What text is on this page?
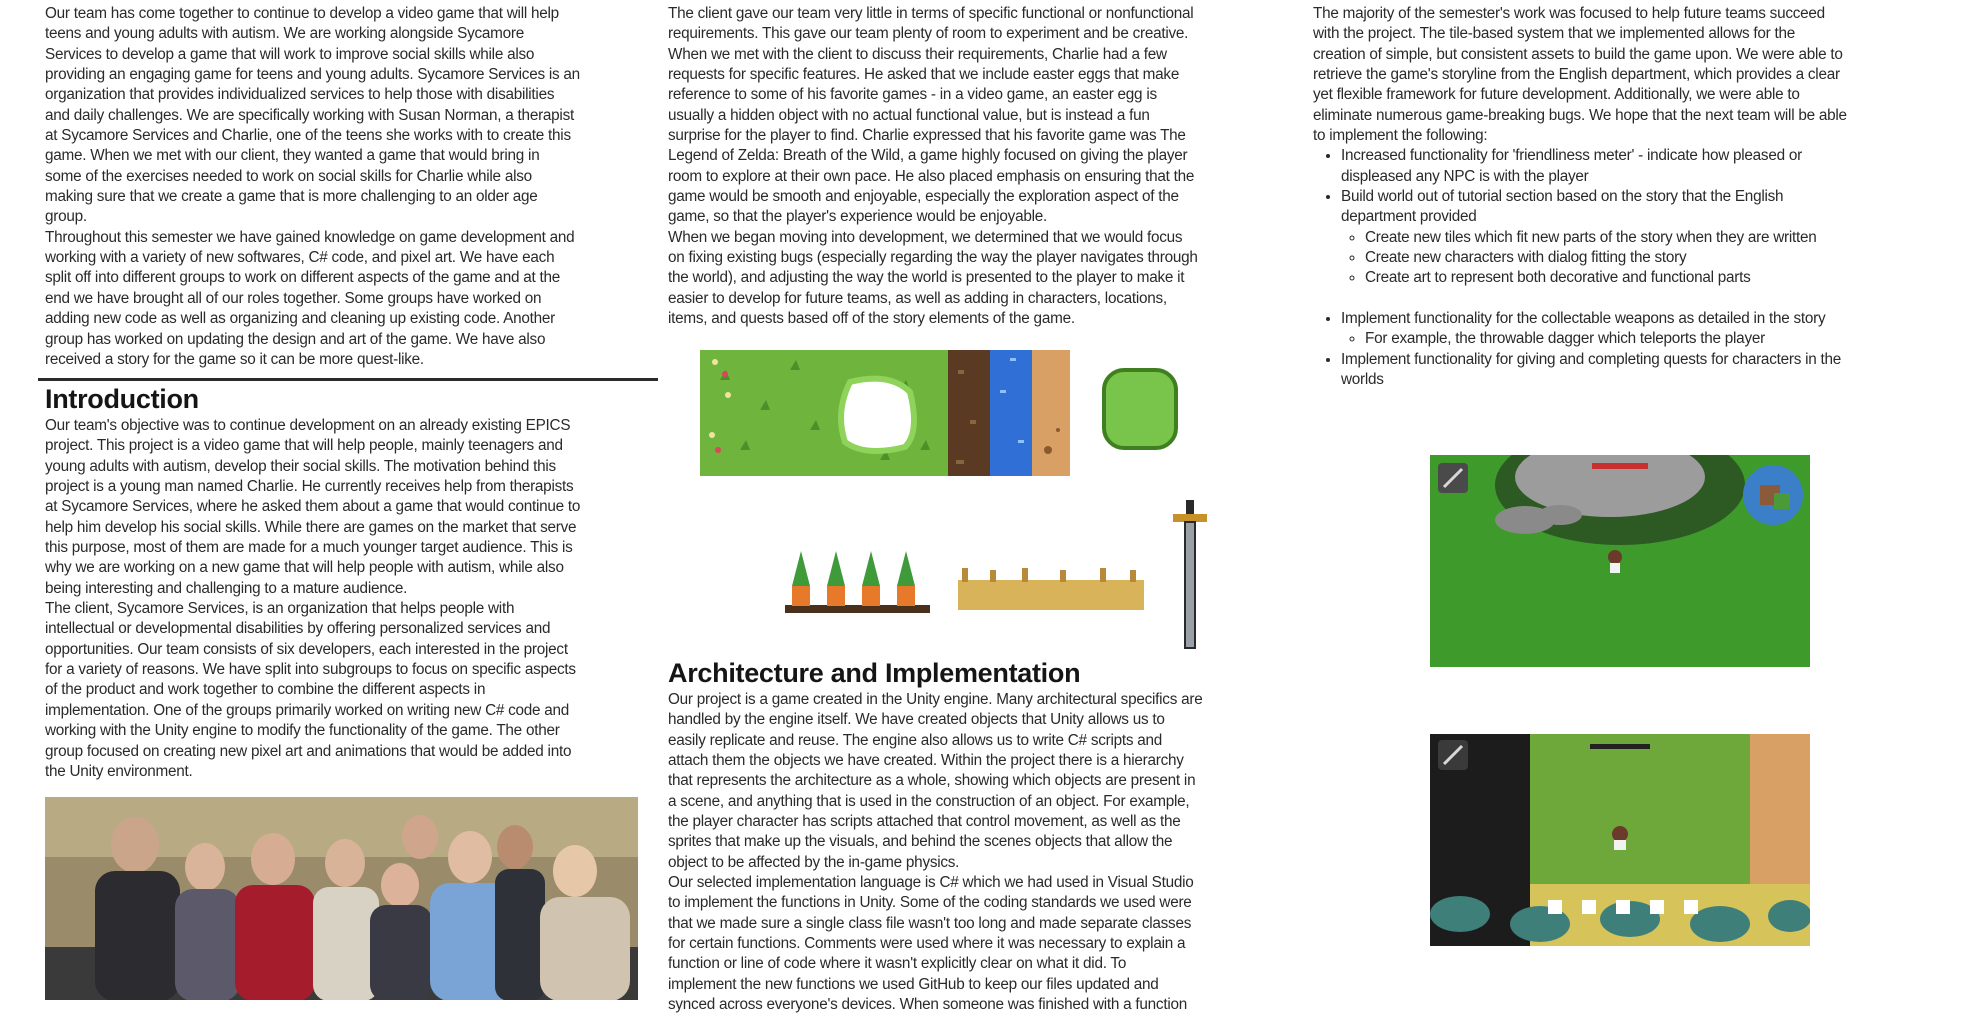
Our team has come together to continue to develop a video game that will help
teens and young adults with autism. We are working alongside Sycamore
Services to develop a game that will work to improve social skills while also
providing an engaging game for teens and young adults. Sycamore Services is an
organization that provides individualized services to help those with disabilities
and daily challenges. We are specifically working with Susan Norman, a therapist
at Sycamore Services and Charlie, one of the teens she works with to create this
game. When we met with our client, they wanted a game that would bring in
some of the exercises needed to work on social skills for Charlie while also
making sure that we create a game that is more challenging to an older age
group.

Throughout this semester we have gained knowledge on game development and
working with a variety of new softwares, C# code, and pixel art. We have each
split off into different groups to work on different aspects of the game and at the
end we have brought all of our roles together. Some groups have worked on
adding new code as well as organizing and cleaning up existing code. Another
group has worked on updating the design and art of the game. We have also
received a story for the game so it can be more quest-like.

Introduction

Our team's objective was to continue development on an already existing EPICS
project. This project is a video game that will help people, mainly teenagers and
young adults with autism, develop their social skills. The motivation behind this
project is a young man named Charlie. He currently receives help from therapists
at Sycamore Services, where he asked them about a game that would continue to
help him develop his social skills. While there are games on the market that serve
this purpose, most of them are made for a much younger target audience. This is
why we are working on a new game that will help people with autism, while also
being interesting and challenging to a mature audience.

The client, Sycamore Services, is an organization that helps people with
intellectual or developmental disabilities by offering personalized services and
opportunities. Our team consists of six developers, each interested in the project
for a variety of reasons. We have split into subgroups to focus on specific aspects
of the product and work together to combine the different aspects in
implementation. One of the groups primarily worked on writing new C# code and
working with the Unity engine to modify the functionality of the game. The other
group focused on creating new pixel art and animations that would be added into
the Unity environment.

The client gave our team very little in terms of specific functional or nonfunctional
requirements. This gave our team plenty of room to experiment and be creative.
When we met with the client to discuss their requirements, Charlie had a few
requests for specific features. He asked that we include easter eggs that make
reference to some of his favorite games - in a video game, an easter egg is
usually a hidden object with no actual functional value, but is instead a fun
surprise for the player to find. Charlie expressed that his favorite game was The
Legend of Zelda: Breath of the Wild, a game highly focused on giving the player
room to explore at their own pace. He also placed emphasis on ensuring that the
game would be smooth and enjoyable, especially the exploration aspect of the
game, so that the player's experience would be enjoyable.

When we began moving into development, we determined that we would focus
on fixing existing bugs (especially regarding the way the player navigates through
the world), and adjusting the way the world is presented to the player to make it
easier to develop for future teams, as well as adding in characters, locations,
items, and quests based off of the story elements of the game.

Architecture and Implementation

Our project is a game created in the Unity engine. Many architectural specifics are
handled by the engine itself. We have created objects that Unity allows us to
easily replicate and reuse. The engine also allows us to write C# scripts and
attach them the objects we have created. Within the project there is a hierarchy
that represents the architecture as a whole, showing which objects are present in
a scene, and anything that is used in the construction of an object. For example,
the player character has scripts attached that control movement, as well as the
sprites that make up the visuals, and behind the scenes objects that allow the
object to be affected by the in-game physics.

Our selected implementation language is C# which we had used in Visual Studio
to implement the functions in Unity. Some of the coding standards we used were
that we made sure a single class file wasn't too long and made separate classes
for certain functions. Comments were used where it was necessary to explain a
function or line of code where it wasn't explicitly clear on what it did. To
implement the new functions we used GitHub to keep our files updated and
synced across everyone's devices. When someone was finished with a function

The majority of the semester's work was focused to help future teams succeed
with the project. The tile-based system that we implemented allows for the
creation of simple, but consistent assets to build the game upon. We were able to
retrieve the game's storyline from the English department, which provides a clear
yet flexible framework for future development. Additionally, we were able to
eliminate numerous game-breaking bugs. We hope that the next team will be able
to implement the following:

• Increased functionality for 'friendliness meter' - indicate how pleased or
displeased any NPC is with the player
• Build world out of tutorial section based on the story that the English
department provided
◦ Create new tiles which fit new parts of the story when they are written
◦ Create new characters with dialog fitting the story
◦ Create art to represent both decorative and functional parts
• Implement functionality for the collectable weapons as detailed in the story
◦ For example, the throwable dagger which teleports the player
• Implement functionality for giving and completing quests for characters in the
worlds
